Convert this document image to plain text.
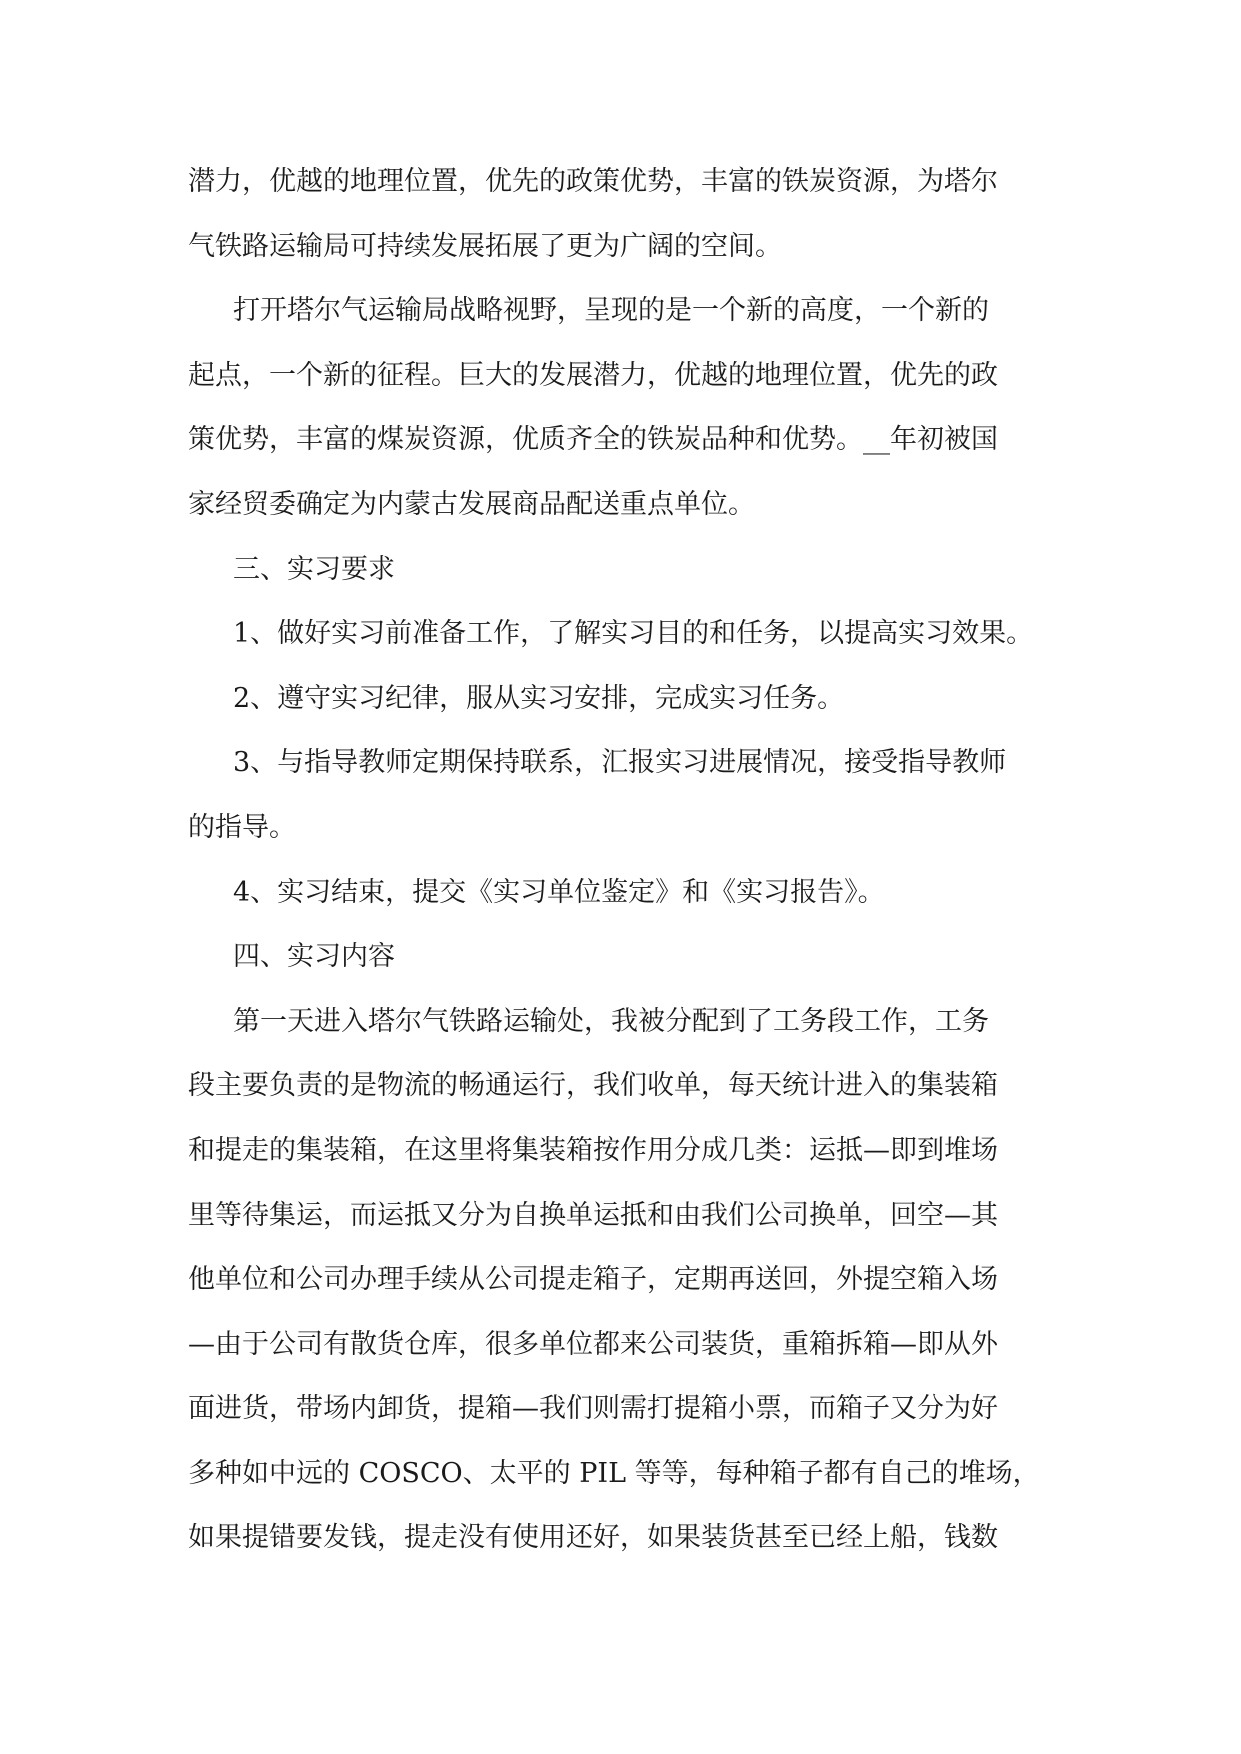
潜力，优越的地理位置，优先的政策优势，丰富的铁炭资源，为塔尔
气铁路运输局可持续发展拓展了更为广阔的空间。
打开塔尔气运输局战略视野，呈现的是一个新的高度，一个新的
起点，一个新的征程。巨大的发展潜力，优越的地理位置，优先的政
策优势，丰富的煤炭资源，优质齐全的铁炭品种和优势。__年初被国
家经贸委确定为内蒙古发展商品配送重点单位。
三、实习要求
1、做好实习前准备工作，了解实习目的和任务，以提高实习效果。
2、遵守实习纪律，服从实习安排，完成实习任务。
3、与指导教师定期保持联系，汇报实习进展情况，接受指导教师
的指导。
4、实习结束，提交《实习单位鉴定》和《实习报告》。
四、实习内容
第一天进入塔尔气铁路运输处，我被分配到了工务段工作，工务
段主要负责的是物流的畅通运行，我们收单，每天统计进入的集装箱
和提走的集装箱，在这里将集装箱按作用分成几类：运抵—即到堆场
里等待集运，而运抵又分为自换单运抵和由我们公司换单，回空—其
他单位和公司办理手续从公司提走箱子，定期再送回，外提空箱入场
—由于公司有散货仓库，很多单位都来公司装货，重箱拆箱—即从外
面进货，带场内卸货，提箱—我们则需打提箱小票，而箱子又分为好
多种如中远的 COSCO、太平的 PIL 等等，每种箱子都有自己的堆场，
如果提错要发钱，提走没有使用还好，如果装货甚至已经上船，钱数
